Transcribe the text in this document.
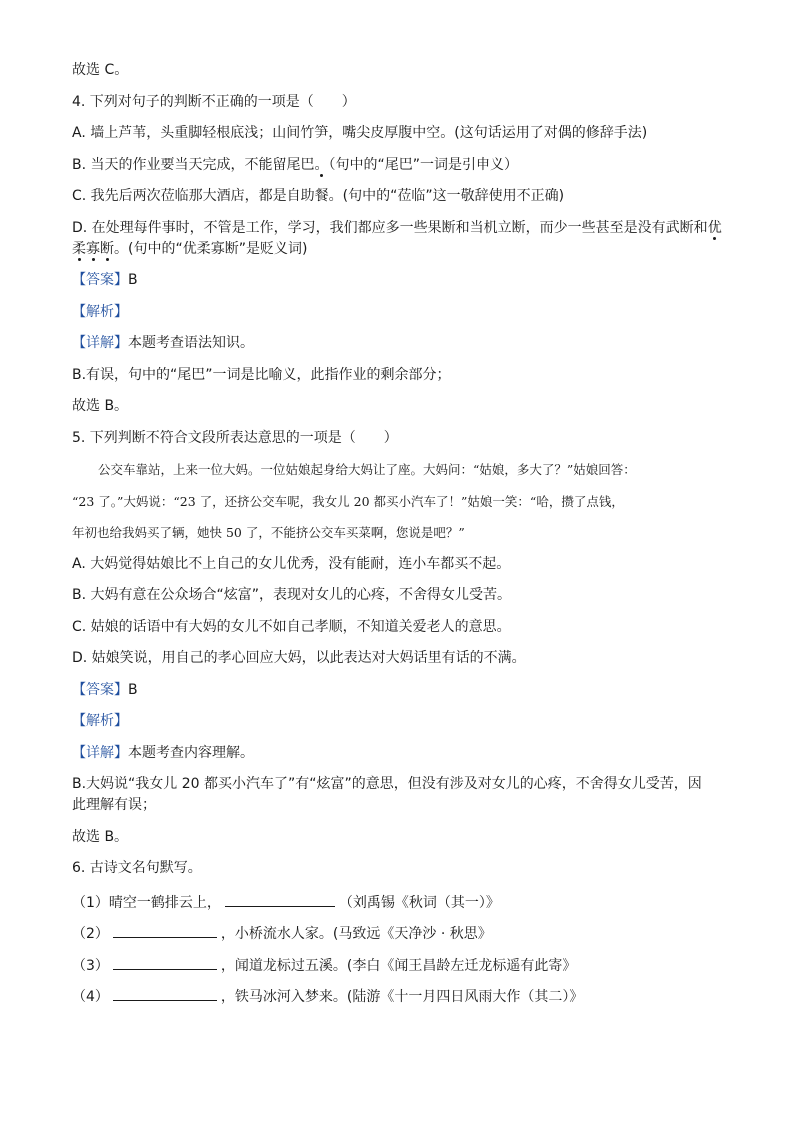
故选 C。
4. 下列对句子的判断不正确的一项是（　　）
A. 墙上芦苇，头重脚轻根底浅；山间竹笋，嘴尖皮厚腹中空。(这句话运用了对偶的修辞手法)
B. 当天的作业要当天完成，不能留尾巴。（句中的“尾巴”一词是引申义）
C. 我先后两次莅临那大酒店，都是自助餐。(句中的“莅临”这一敬辞使用不正确)
D. 在处理每件事时，不管是工作，学习，我们都应多一些果断和当机立断，而少一些甚至是没有武断和优
柔寡断。(句中的“优柔寡断”是贬义词)
【答案】B
【解析】
【详解】本题考查语法知识。
B.有误，句中的“尾巴”一词是比喻义，此指作业的剩余部分；
故选 B。
5. 下列判断不符合文段所表达意思的一项是（　　）
公交车靠站，上来一位大妈。一位姑娘起身给大妈让了座。大妈问：“姑娘，多大了？”姑娘回答：
“23 了。”大妈说：“23 了，还挤公交车呢，我女儿 20 都买小汽车了！”姑娘一笑：“哈，攒了点钱，
年初也给我妈买了辆，她快 50 了，不能挤公交车买菜啊，您说是吧？”
A. 大妈觉得姑娘比不上自己的女儿优秀，没有能耐，连小车都买不起。
B. 大妈有意在公众场合“炫富”，表现对女儿的心疼，不舍得女儿受苦。
C. 姑娘的话语中有大妈的女儿不如自己孝顺，不知道关爱老人的意思。
D. 姑娘笑说，用自己的孝心回应大妈，以此表达对大妈话里有话的不满。
【答案】B
【解析】
【详解】本题考查内容理解。
B.大妈说“我女儿 20 都买小汽车了”有“炫富”的意思，但没有涉及对女儿的心疼，不舍得女儿受苦，因
此理解有误；
故选 B。
6. 古诗文名句默写。
（1）晴空一鹤排云上，	（刘禹锡《秋词（其一）》
（2）	，小桥流水人家。(马致远《天净沙 · 秋思》
（3）	，闻道龙标过五溪。(李白《闻王昌龄左迁龙标遥有此寄》
（4）	，铁马冰河入梦来。(陆游《十一月四日风雨大作（其二）》
